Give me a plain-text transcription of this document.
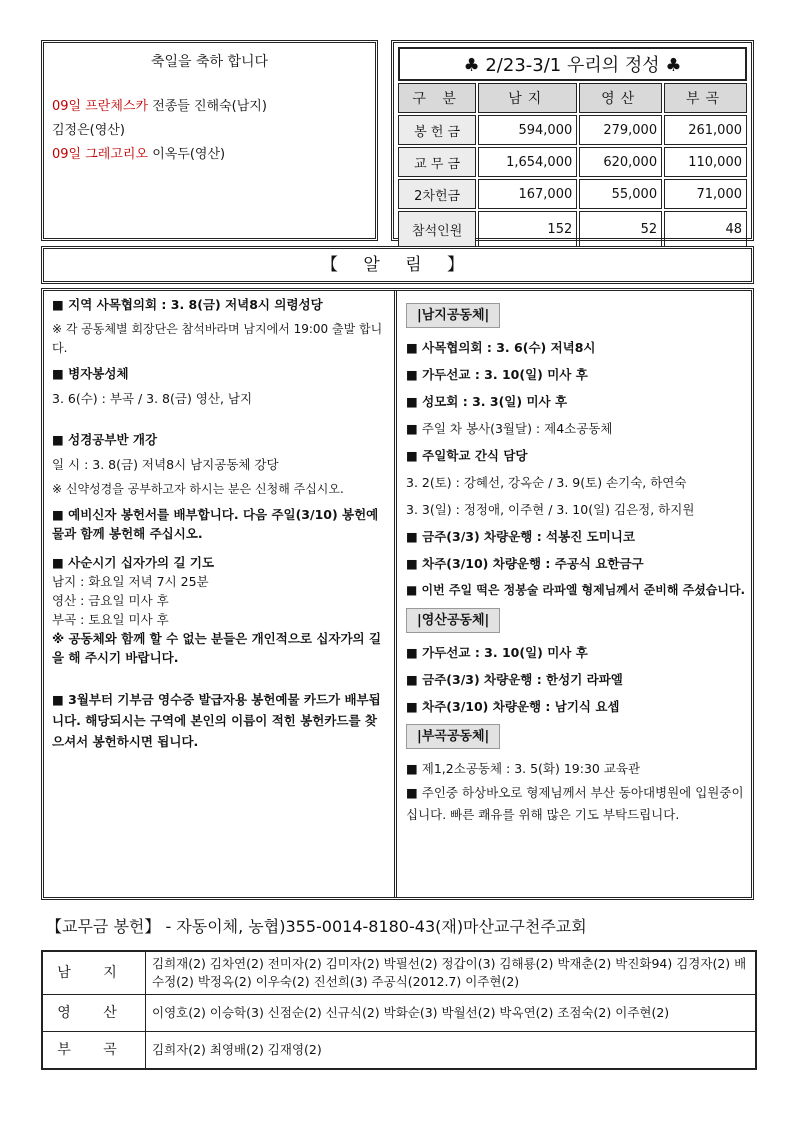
축일을 축하 합니다
09일 프란체스카 전종들 진해숙(남지)
김정은(영산)
09일 그레고리오 이옥두(영산)
♣ 2/23-3/1 우리의 정성 ♣			
구 분	남지	영산	부곡
봉 헌 금	594,000	279,000	261,000
교 무 금	1,654,000	620,000	110,000
2차헌금	167,000	55,000	71,000
참석인원	152	52	48
【 알 림 】

■ 지역 사목협의회 : 3. 8(금) 저녁8시 의령성당

※ 각 공동체별 회장단은 참석바라며 남지에서 19:00 출발 합니다.

■ 병자봉성체

3. 6(수) : 부곡 / 3. 8(금) 영산, 남지

■ 성경공부반 개강

일 시 : 3. 8(금) 저녁8시 남지공동체 강당

※ 신약성경을 공부하고자 하시는 분은 신청해 주십시오.

■ 예비신자 봉헌서를 배부합니다. 다음 주일(3/10) 봉헌예물과 함께 봉헌해 주십시오.

■ 사순시기 십자가의 길 기도

남지 : 화요일 저녁 7시 25분

영산 : 금요일 미사 후

부곡 : 토요일 미사 후

※ 공동체와 함께 할 수 없는 분들은 개인적으로 십자가의 길을 해 주시기 바랍니다.

■ 3월부터 기부금 영수증 발급자용 봉헌예물 카드가 배부됩니다. 해당되시는 구역에 본인의 이름이 적힌 봉헌카드를 찾으셔서 봉헌하시면 됩니다.

|남지공동체|

■ 사목협의회 : 3. 6(수) 저녁8시

■ 가두선교 : 3. 10(일) 미사 후

■ 성모회 : 3. 3(일) 미사 후

■ 주일 차 봉사(3월달) : 제4소공동체

■ 주일학교 간식 담당

3. 2(토) : 강혜선, 강옥순 / 3. 9(토) 손기숙, 하연숙

3. 3(일) : 정정애, 이주현 / 3. 10(일) 김은정, 하지원

■ 금주(3/3) 차량운행 : 석봉진 도미니코

■ 차주(3/10) 차량운행 : 주공식 요한금구

■ 이번 주일 떡은 정봉술 라파엘 형제님께서 준비해 주셨습니다.

|영산공동체|

■ 가두선교 : 3. 10(일) 미사 후

■ 금주(3/3) 차량운행 : 한성기 라파엘

■ 차주(3/10) 차량운행 : 남기식 요셉

|부곡공동체|

■ 제1,2소공동체 : 3. 5(화) 19:30 교육관

■ 주인중 하상바오로 형제님께서 부산 동아대병원에 입원중이십니다. 빠른 쾌유를 위해 많은 기도 부탁드립니다.

【교무금 봉헌】 - 자동이체, 농협)355-0014-8180-43(재)마산교구천주교회
남 지	김희재(2) 김차연(2) 전미자(2) 김미자(2) 박필선(2) 정갑이(3) 김해룡(2) 박재춘(2) 박진화94) 김경자(2) 배수정(2) 박정옥(2) 이우숙(2) 진선희(3) 주공식(2012.7) 이주현(2)
영 산	이영호(2) 이승학(3) 신점순(2) 신규식(2) 박화순(3) 박월선(2) 박옥연(2) 조점숙(2) 이주현(2)
부 곡	김희자(2) 최영배(2) 김재영(2)
